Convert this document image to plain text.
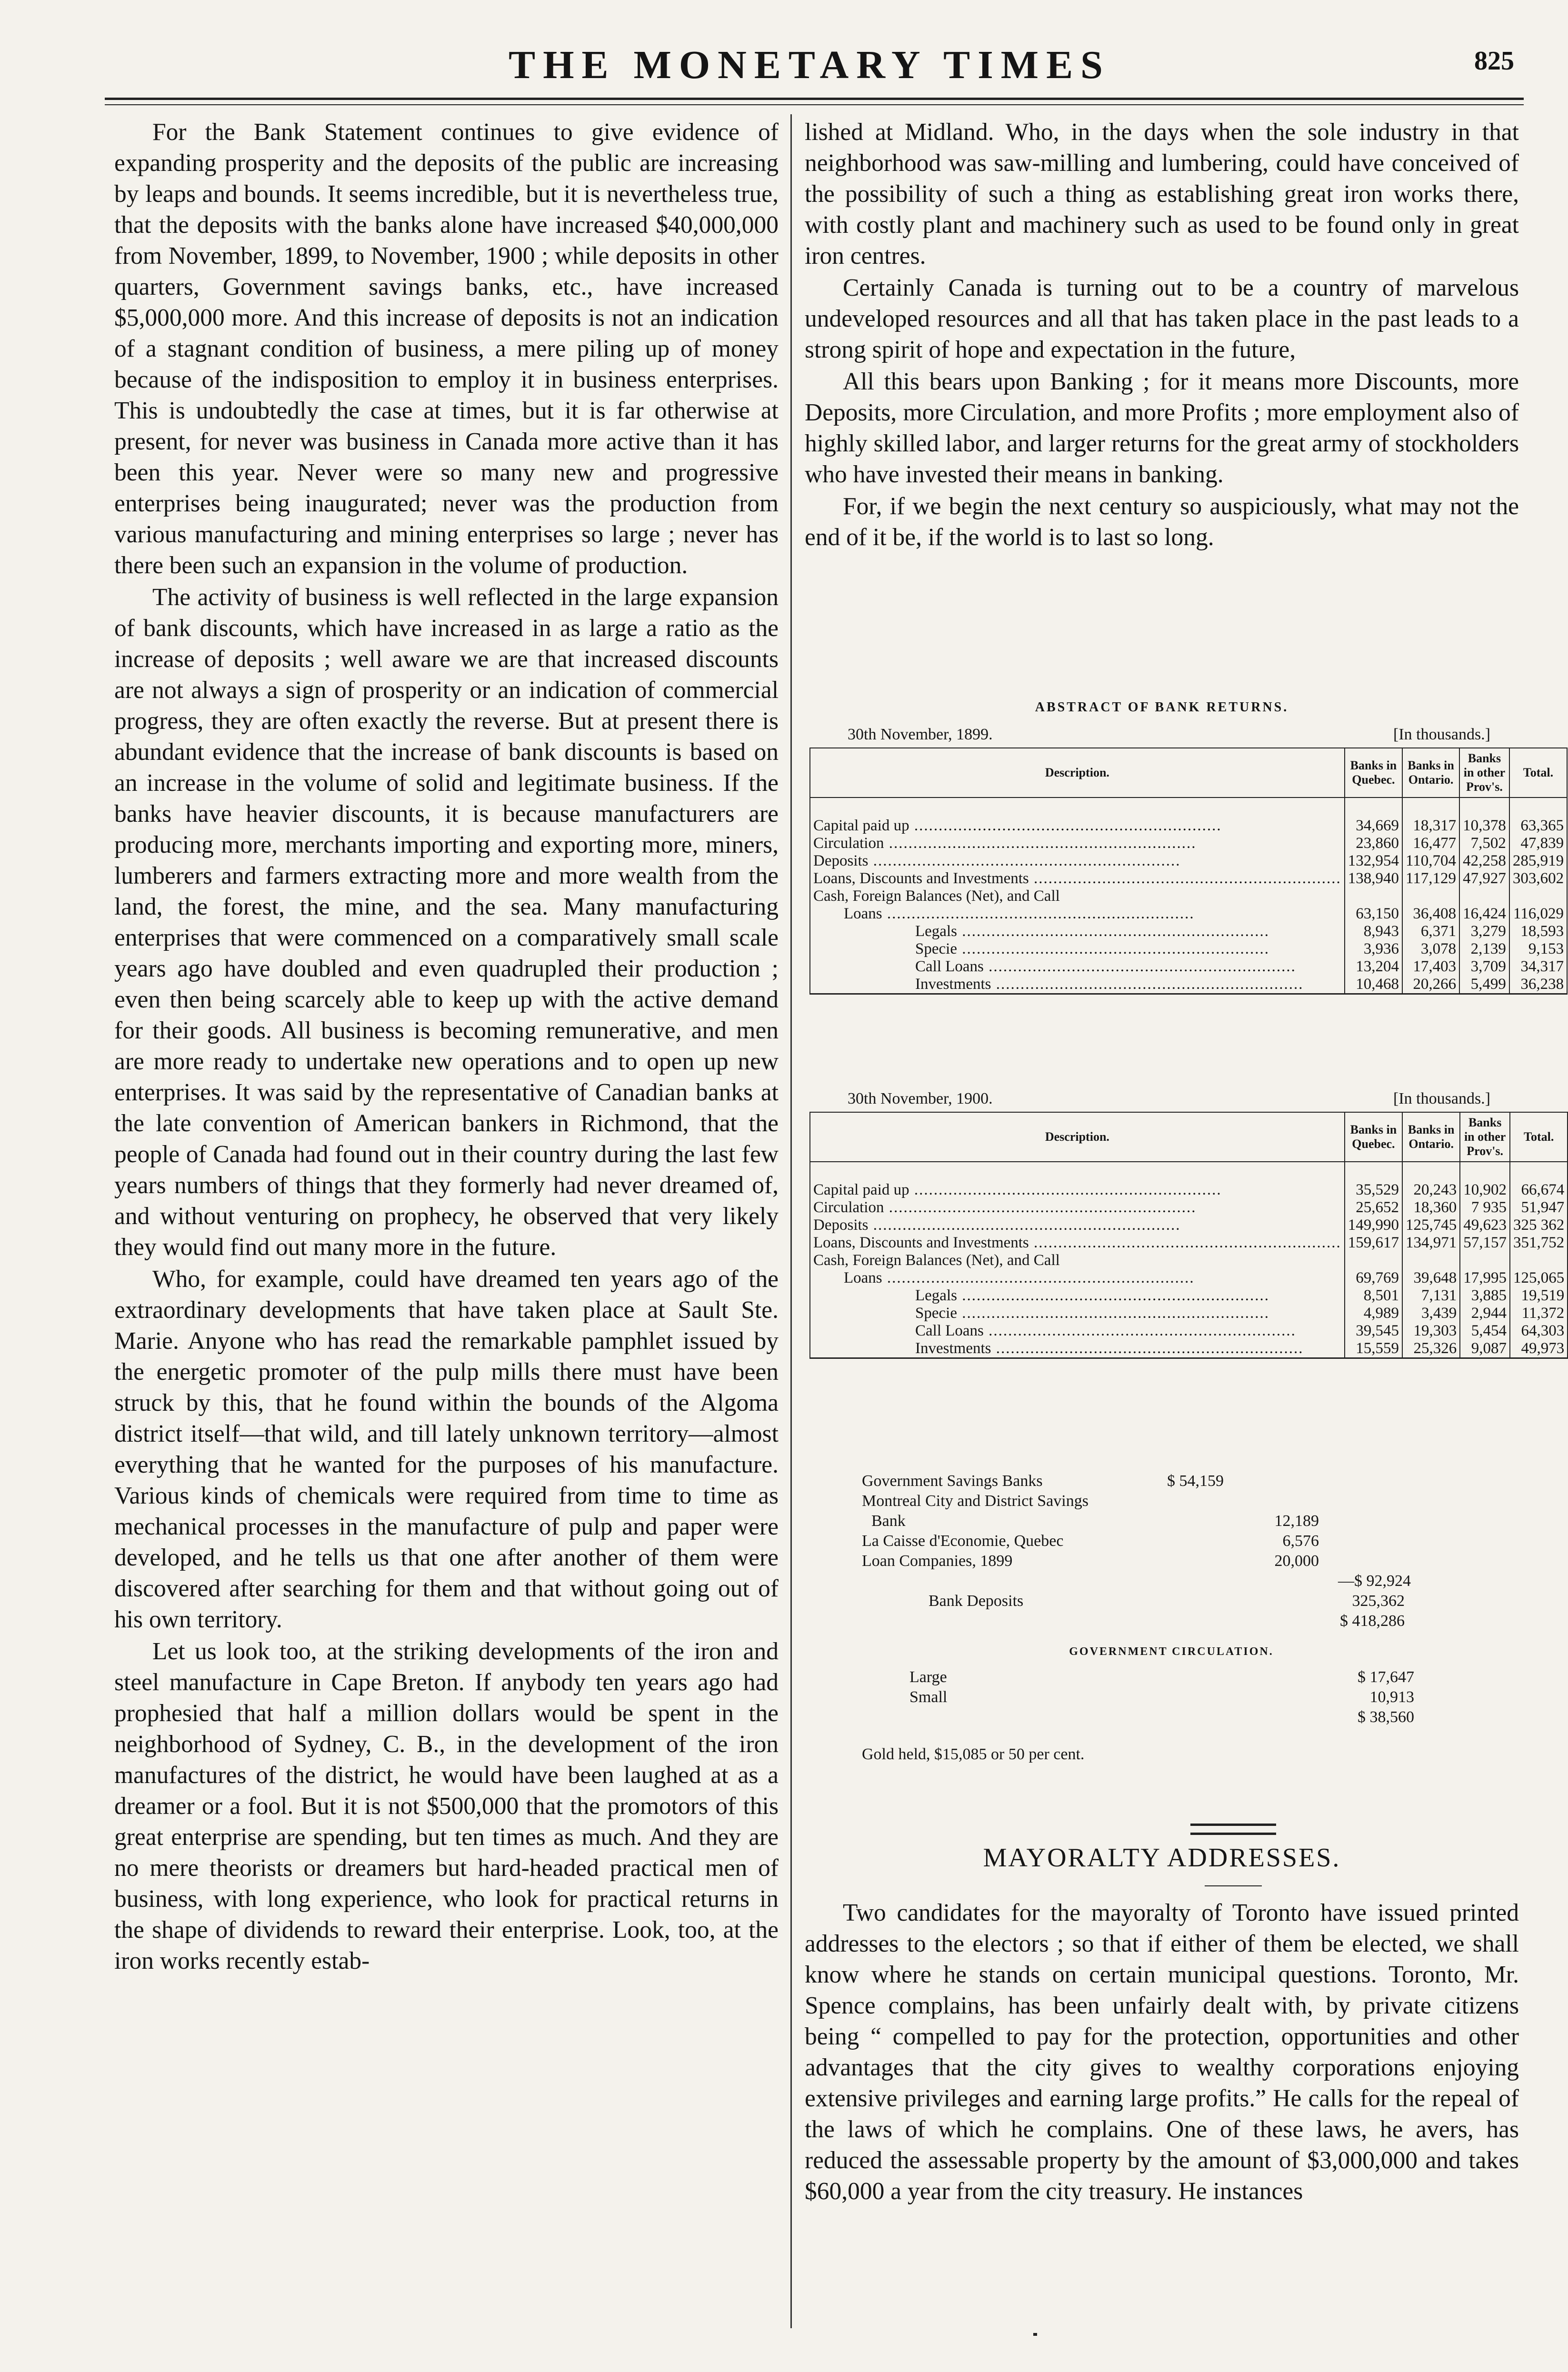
THE MONETARY TIMES	825

For the Bank Statement continues to give evidence of expanding prosperity and the deposits of the public are increasing by leaps and bounds. It seems incredible, but it is nevertheless true, that the deposits with the banks alone have increased $40,000,000 from November, 1899, to November, 1900 ; while deposits in other quarters, Government savings banks, etc., have increased $5,000,000 more. And this increase of deposits is not an indication of a stagnant condition of business, a mere piling up of money because of the indisposition to employ it in business enterprises. This is undoubtedly the case at times, but it is far otherwise at present, for never was business in Canada more active than it has been this year. Never were so many new and progressive enterprises being inaugurated; never was the production from various manufacturing and mining enterprises so large ; never has there been such an expansion in the volume of production.

The activity of business is well reflected in the large expansion of bank discounts, which have increased in as large a ratio as the increase of deposits ; well aware we are that increased discounts are not always a sign of prosperity or an indication of commercial progress, they are often exactly the reverse. But at present there is abundant evidence that the increase of bank discounts is based on an increase in the volume of solid and legitimate business. If the banks have heavier discounts, it is because manufacturers are producing more, merchants importing and exporting more, miners, lumberers and farmers extracting more and more wealth from the land, the forest, the mine, and the sea. Many manufacturing enterprises that were commenced on a comparatively small scale years ago have doubled and even quadrupled their production ; even then being scarcely able to keep up with the active demand for their goods. All business is becoming remunerative, and men are more ready to undertake new operations and to open up new enterprises. It was said by the representative of Canadian banks at the late convention of American bankers in Richmond, that the people of Canada had found out in their country during the last few years numbers of things that they formerly had never dreamed of, and without venturing on prophecy, he observed that very likely they would find out many more in the future.

Who, for example, could have dreamed ten years ago of the extraordinary developments that have taken place at Sault Ste. Marie. Anyone who has read the remarkable pamphlet issued by the energetic promoter of the pulp mills there must have been struck by this, that he found within the bounds of the Algoma district itself—that wild, and till lately unknown territory—almost everything that he wanted for the purposes of his manufacture. Various kinds of chemicals were required from time to time as mechanical processes in the manufacture of pulp and paper were developed, and he tells us that one after another of them were discovered after searching for them and that without going out of his own territory.

Let us look too, at the striking developments of the iron and steel manufacture in Cape Breton. If anybody ten years ago had prophesied that half a million dollars would be spent in the neighborhood of Sydney, C. B., in the development of the iron manufactures of the district, he would have been laughed at as a dreamer or a fool. But it is not $500,000 that the promotors of this great enterprise are spending, but ten times as much. And they are no mere theorists or dreamers but hard-headed practical men of business, with long experience, who look for practical returns in the shape of dividends to reward their enterprise. Look, too, at the iron works recently estab-

lished at Midland. Who, in the days when the sole industry in that neighborhood was saw-milling and lumbering, could have conceived of the possibility of such a thing as establishing great iron works there, with costly plant and machinery such as used to be found only in great iron centres.

Certainly Canada is turning out to be a country of marvelous undeveloped resources and all that has taken place in the past leads to a strong spirit of hope and expectation in the future,

All this bears upon Banking ; for it means more Discounts, more Deposits, more Circulation, and more Profits ; more employment also of highly skilled labor, and larger returns for the great army of stockholders who have invested their means in banking.

For, if we begin the next century so auspiciously, what may not the end of it be, if the world is to last so long.

ABSTRACT OF BANK RETURNS.
30th November, 1899.	[In thousands.]
Description.	Banks in Quebec.	Banks in Ontario.	Banks in other Prov's.	Total.
Capital paid up .....	34,669	18,317	10,378	63,365
Circulation .....	23,860	16,477	7,502	47,839
Deposits .....	132,954	110,704	42,258	285,919
Loans, Discounts and Investments .....	138,940	117,129	47,927	303,602
Cash, Foreign Balances (Net), and Call				
Loans .....	63,150	36,408	16,424	116,029
Legals .....	8,943	6,371	3,279	18,593
Specie .....	3,936	3,078	2,139	9,153
Call Loans .....	13,204	17,403	3,709	34,317
Investments .....	10,468	20,266	5,499	36,238
30th November, 1900.	[In thousands.]
Description.	Banks in Quebec.	Banks in Ontario.	Banks in other Prov's.	Total.
Capital paid up .....	35,529	20,243	10,902	66,674
Circulation .....	25,652	18,360	7 935	51,947
Deposits .....	149,990	125,745	49,623	325 362
Loans, Discounts and Investments .....	159,617	134,971	57,157	351,752
Cash, Foreign Balances (Net), and Call				
Loans .....	69,769	39,648	17,995	125,065
Legals .....	8,501	7,131	3,885	19,519
Specie .....	4,989	3,439	2,944	11,372
Call Loans .....	39,545	19,303	5,454	64,303
Investments .....	15,559	25,326	9,087	49,973
Government Savings Banks	$ 54,159
Montreal City and District Savings
Bank	12,189
La Caisse d'Economie, Quebec	6,576
Loan Companies, 1899	20,000
—$ 92,924
Bank Deposits	325,362
$ 418,286
GOVERNMENT CIRCULATION.
Large	$ 17,647
Small	10,913
$ 38,560
Gold held, $15,085 or 50 per cent.
MAYORALTY ADDRESSES.

Two candidates for the mayoralty of Toronto have issued printed addresses to the electors ; so that if either of them be elected, we shall know where he stands on certain municipal questions. Toronto, Mr. Spence complains, has been unfairly dealt with, by private citizens being “ compelled to pay for the protection, opportunities and other advantages that the city gives to wealthy corporations enjoying extensive privileges and earning large profits.” He calls for the repeal of the laws of which he complains. One of these laws, he avers, has reduced the assessable property by the amount of $3,000,000 and takes $60,000 a year from the city treasury. He instances
